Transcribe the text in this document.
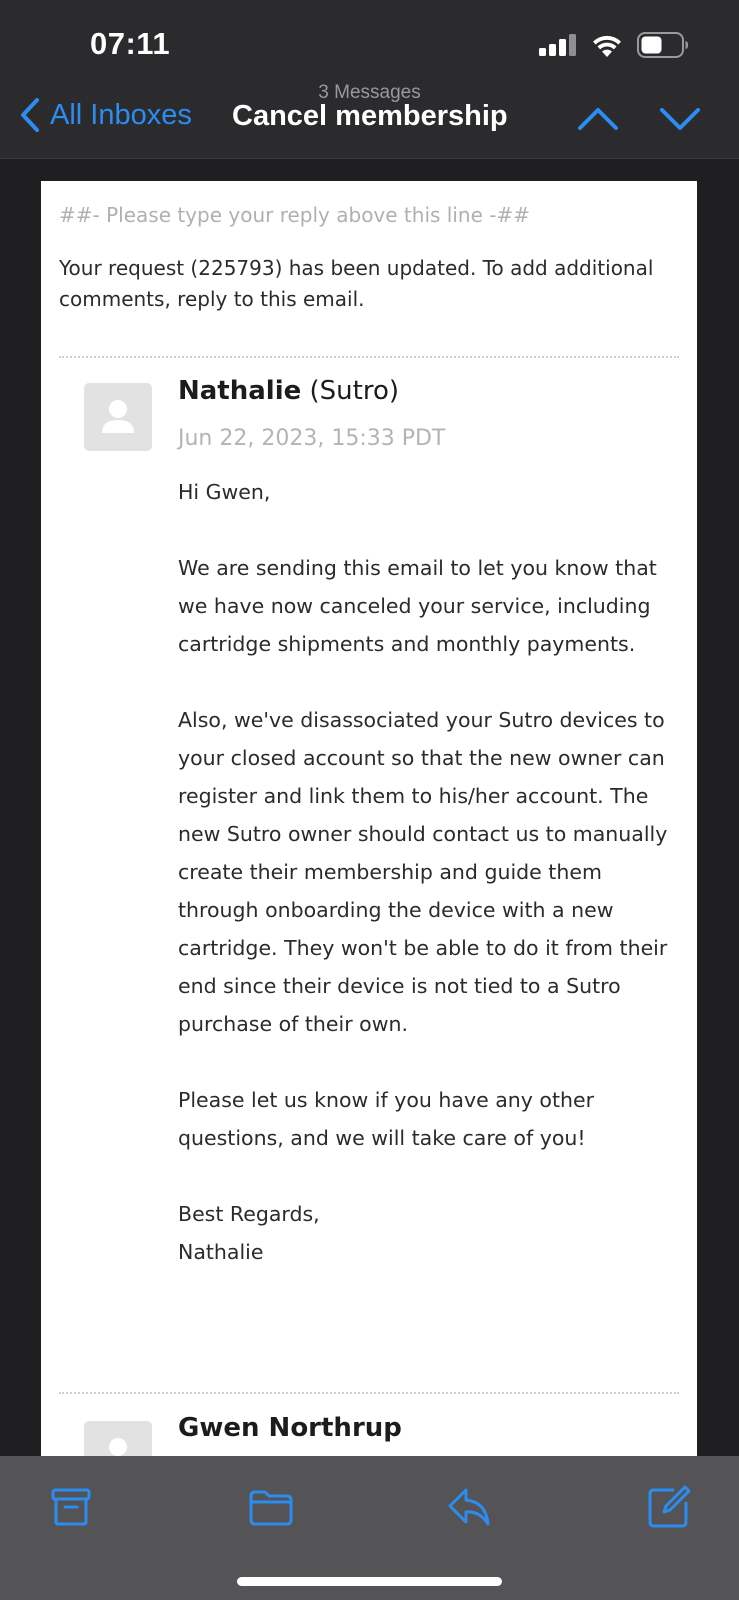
07:11
3 Messages
All Inboxes Cancel membership
##- Please type your reply above this line -##
Your request (225793) has been updated. To add additional comments, reply to this email.
Nathalie (Sutro)
Jun 22, 2023, 15:33 PDT

Hi Gwen,

We are sending this email to let you know that we have now canceled your service, including cartridge shipments and monthly payments.

Also, we've disassociated your Sutro devices to your closed account so that the new owner can register and link them to his/her account. The new Sutro owner should contact us to manually create their membership and guide them through onboarding the device with a new cartridge. They won't be able to do it from their end since their device is not tied to a Sutro purchase of their own.

Please let us know if you have any other questions, and we will take care of you!

Best Regards,

Nathalie

Gwen Northrup
